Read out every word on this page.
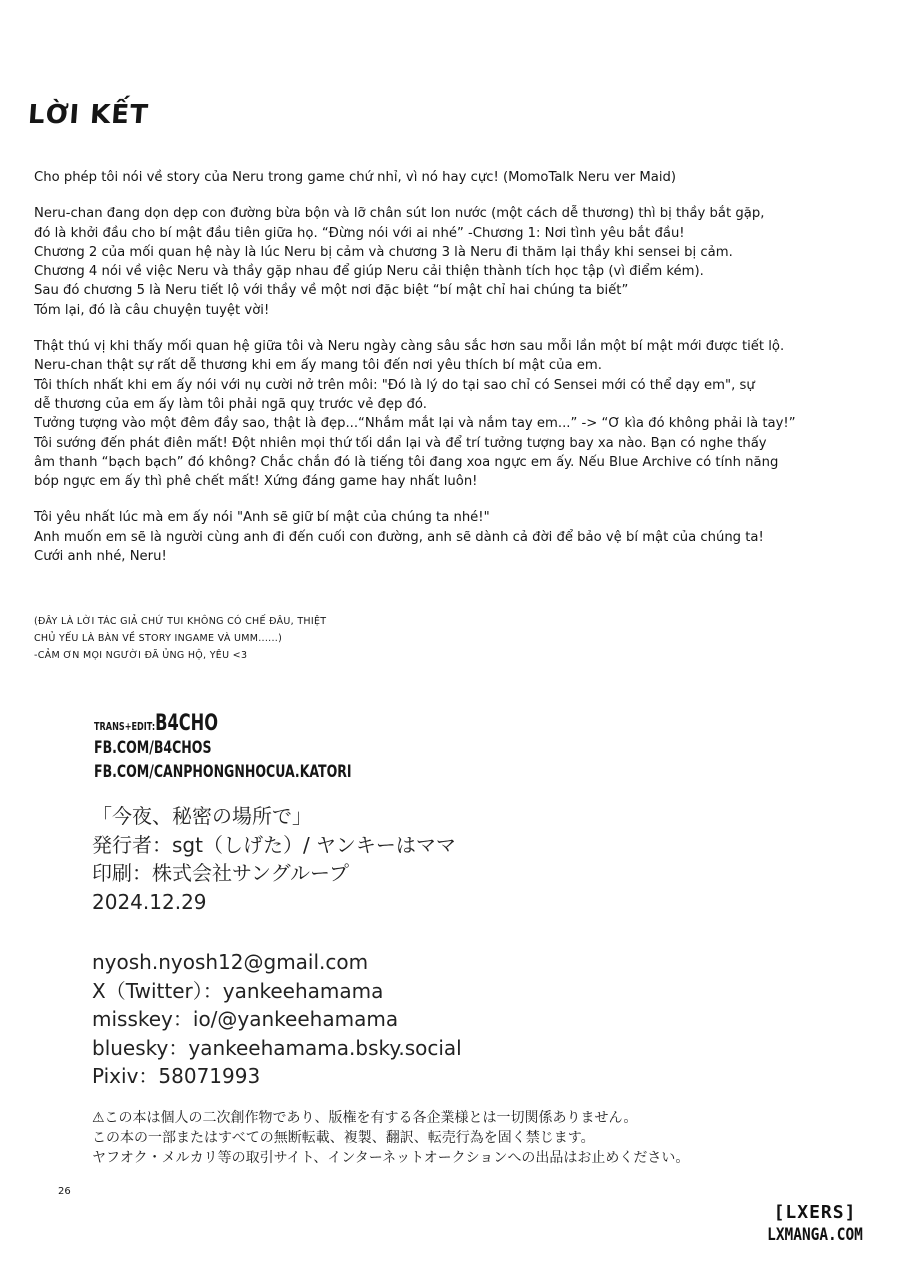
LỜI KẾT
Cho phép tôi nói về story của Neru trong game chứ nhỉ, vì nó hay cực! (MomoTalk Neru ver Maid)
Neru-chan đang dọn dẹp con đường bừa bộn và lỡ chân sút lon nước (một cách dễ thương) thì bị thầy bắt gặp,
đó là khởi đầu cho bí mật đầu tiên giữa họ. “Đừng nói với ai nhé” -Chương 1: Nơi tình yêu bắt đầu!
Chương 2 của mối quan hệ này là lúc Neru bị cảm và chương 3 là Neru đi thăm lại thầy khi sensei bị cảm.
Chương 4 nói về việc Neru và thầy gặp nhau để giúp Neru cải thiện thành tích học tập (vì điểm kém).
Sau đó chương 5 là Neru tiết lộ với thầy về một nơi đặc biệt “bí mật chỉ hai chúng ta biết”
Tóm lại, đó là câu chuyện tuyệt vời!
Thật thú vị khi thấy mối quan hệ giữa tôi và Neru ngày càng sâu sắc hơn sau mỗi lần một bí mật mới được tiết lộ.
Neru-chan thật sự rất dễ thương khi em ấy mang tôi đến nơi yêu thích bí mật của em.
Tôi thích nhất khi em ấy nói với nụ cười nở trên môi: "Đó là lý do tại sao chỉ có Sensei mới có thể dạy em", sự
dễ thương của em ấy làm tôi phải ngã quỵ trước vẻ đẹp đó.
Tưởng tượng vào một đêm đầy sao, thật là đẹp...“Nhắm mắt lại và nắm tay em...” -> “Ơ kìa đó không phải là tay!”
Tôi sướng đến phát điên mất! Đột nhiên mọi thứ tối dần lại và để trí tưởng tượng bay xa nào. Bạn có nghe thấy
âm thanh “bạch bạch” đó không? Chắc chắn đó là tiếng tôi đang xoa ngực em ấy. Nếu Blue Archive có tính năng
bóp ngực em ấy thì phê chết mất! Xứng đáng game hay nhất luôn!
Tôi yêu nhất lúc mà em ấy nói "Anh sẽ giữ bí mật của chúng ta nhé!"
Anh muốn em sẽ là người cùng anh đi đến cuối con đường, anh sẽ dành cả đời để bảo vệ bí mật của chúng ta!
Cưới anh nhé, Neru!
(ĐÂY LÀ LỜI TÁC GIẢ CHỨ TUI KHÔNG CÓ CHẾ ĐÂU, THIỆT
CHỦ YẾU LÀ BÀN VỀ STORY INGAME VÀ UMM......)
-CẢM ƠN MỌI NGƯỜI ĐÃ ỦNG HỘ, YÊU <3
TRANS+EDIT:B4CHO
FB.COM/B4CHOS
FB.COM/CANPHONGNHOCUA.KATORI
「今夜、秘密の場所で」
発行者：sgt（しげた）/ ヤンキーはママ
印刷：株式会社サングループ
2024.12.29
nyosh.nyosh12@gmail.com
X（Twitter）：yankeehamama
misskey：io/@yankeehamama
bluesky：yankeehamama.bsky.social
Pixiv：58071993
⚠この本は個人の二次創作物であり、版権を有する各企業様とは一切関係ありません。
この本の一部またはすべての無断転載、複製、翻訳、転売行為を固く禁じます。
ヤフオク・メルカリ等の取引サイト、インターネットオークションへの出品はお止めください。
26
[LXERS]
LXMANGA.COM
